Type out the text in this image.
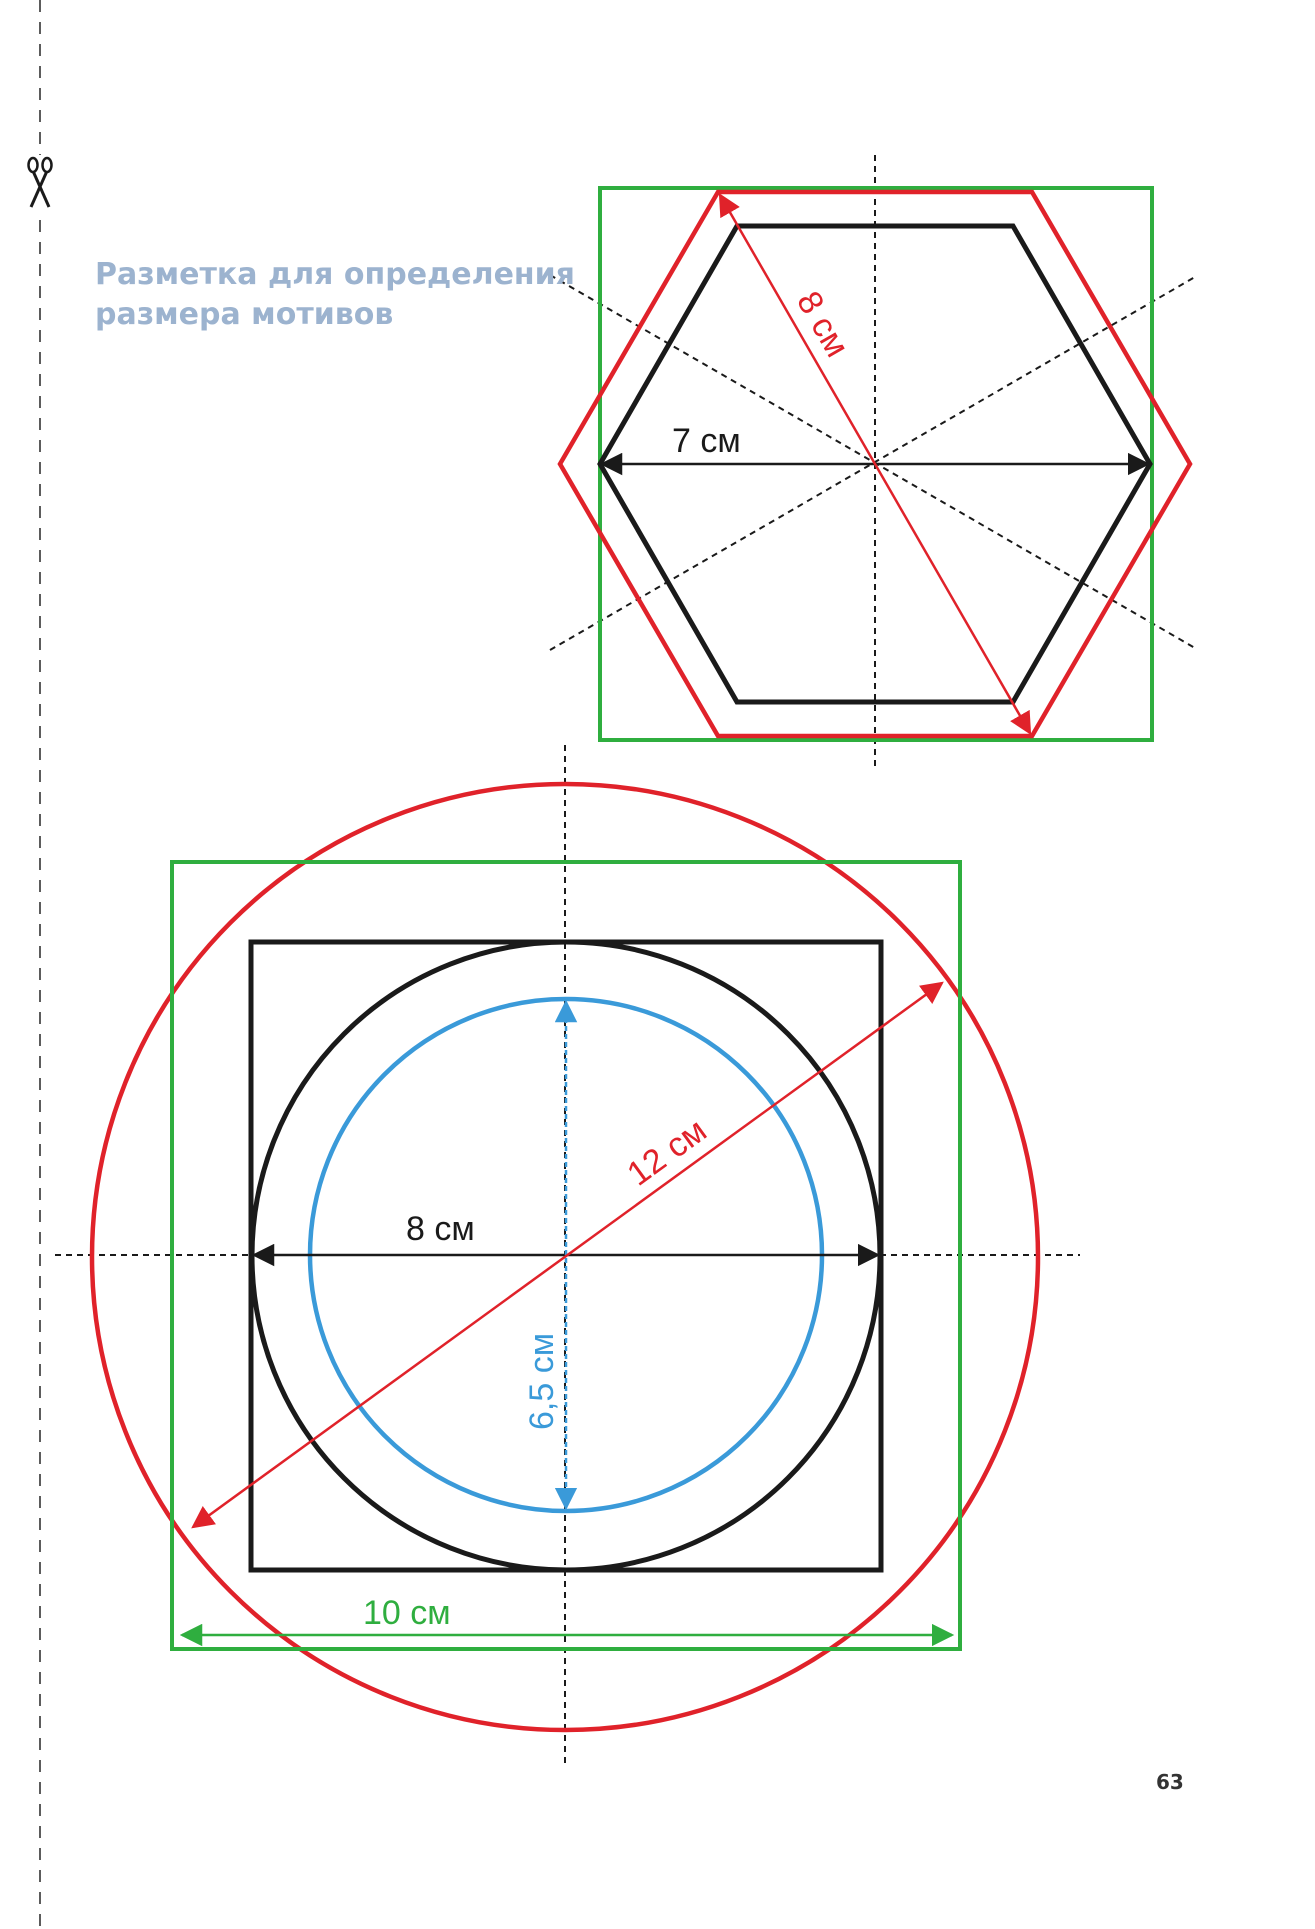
7 см
8 см
8 см
6,5 см
12 см
10 см
Разметка для определения
размера мотивов
63
